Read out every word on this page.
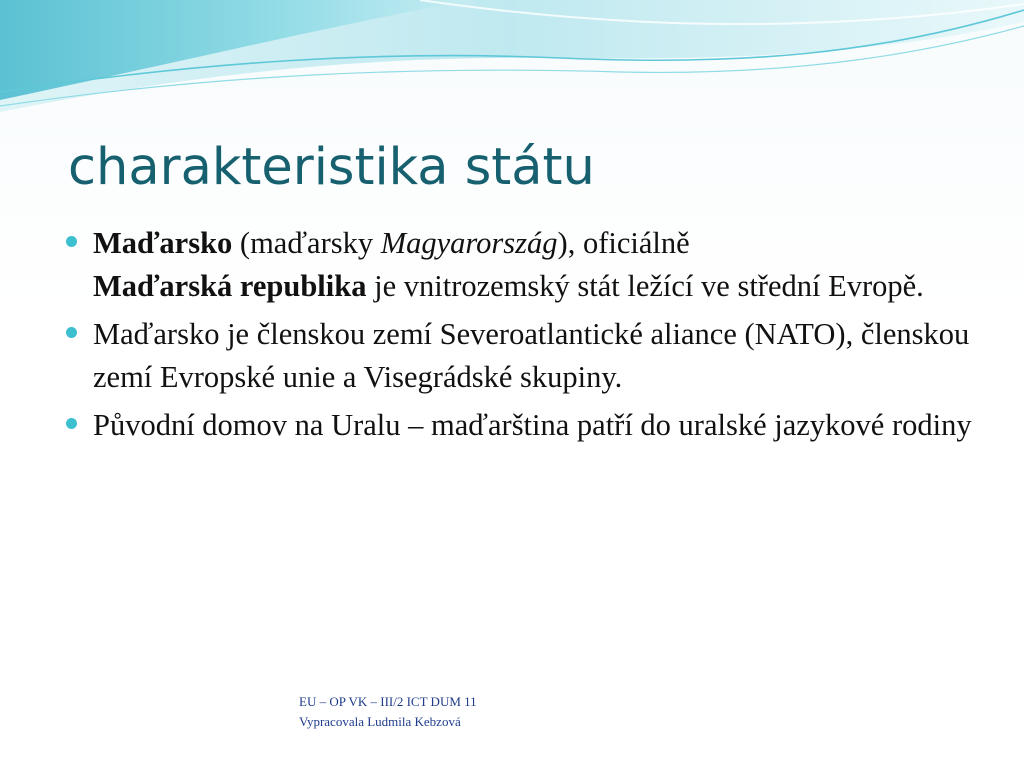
charakteristika státu
Maďarsko (maďarsky Magyarország), oficiálně
Maďarská republika je vnitrozemský stát ležící ve střední Evropě.
Maďarsko je členskou zemí Severoatlantické aliance (NATO), členskou zemí Evropské unie a Visegrádské skupiny.
Původní domov na Uralu – maďarština patří do uralské jazykové rodiny
EU – OP VK – III/2 ICT DUM 11
Vypracovala Ludmila Kebzová
